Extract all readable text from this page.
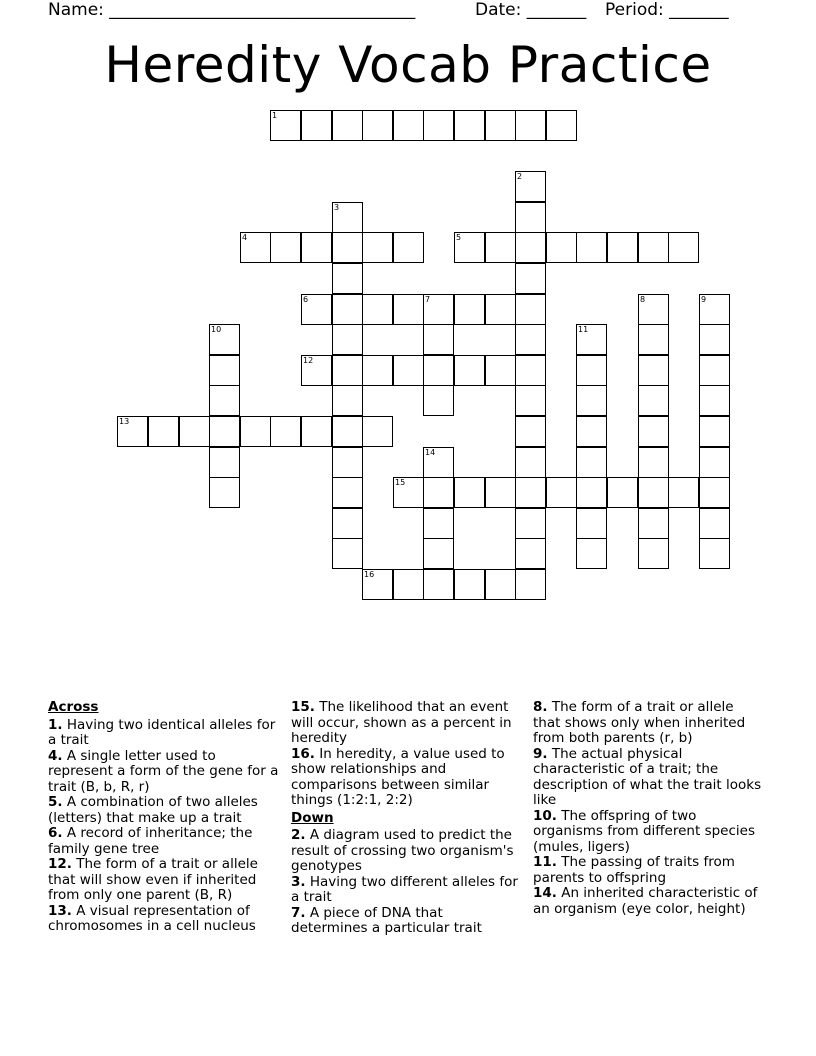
Name: ____________________________________	Date: _______ Period: _______
Heredity Vocab Practice
1
2
3
4	5
6	7	8	9
10	11
12
13
14
15
16
Across
1. Having two identical alleles for a trait
4. A single letter used to represent a form of the gene for a trait (B, b, R, r)
5. A combination of two alleles (letters) that make up a trait
6. A record of inheritance; the family gene tree
12. The form of a trait or allele that will show even if inherited from only one parent (B, R)
13. A visual representation of chromosomes in a cell nucleus
15. The likelihood that an event will occur, shown as a percent in heredity
16. In heredity, a value used to show relationships and comparisons between similar things (1:2:1, 2:2)
Down
2. A diagram used to predict the result of crossing two organism's genotypes
3. Having two different alleles for a trait
7. A piece of DNA that determines a particular trait
8. The form of a trait or allele that shows only when inherited from both parents (r, b)
9. The actual physical characteristic of a trait; the description of what the trait looks like
10. The offspring of two organisms from different species (mules, ligers)
11. The passing of traits from parents to offspring
14. An inherited characteristic of an organism (eye color, height)
